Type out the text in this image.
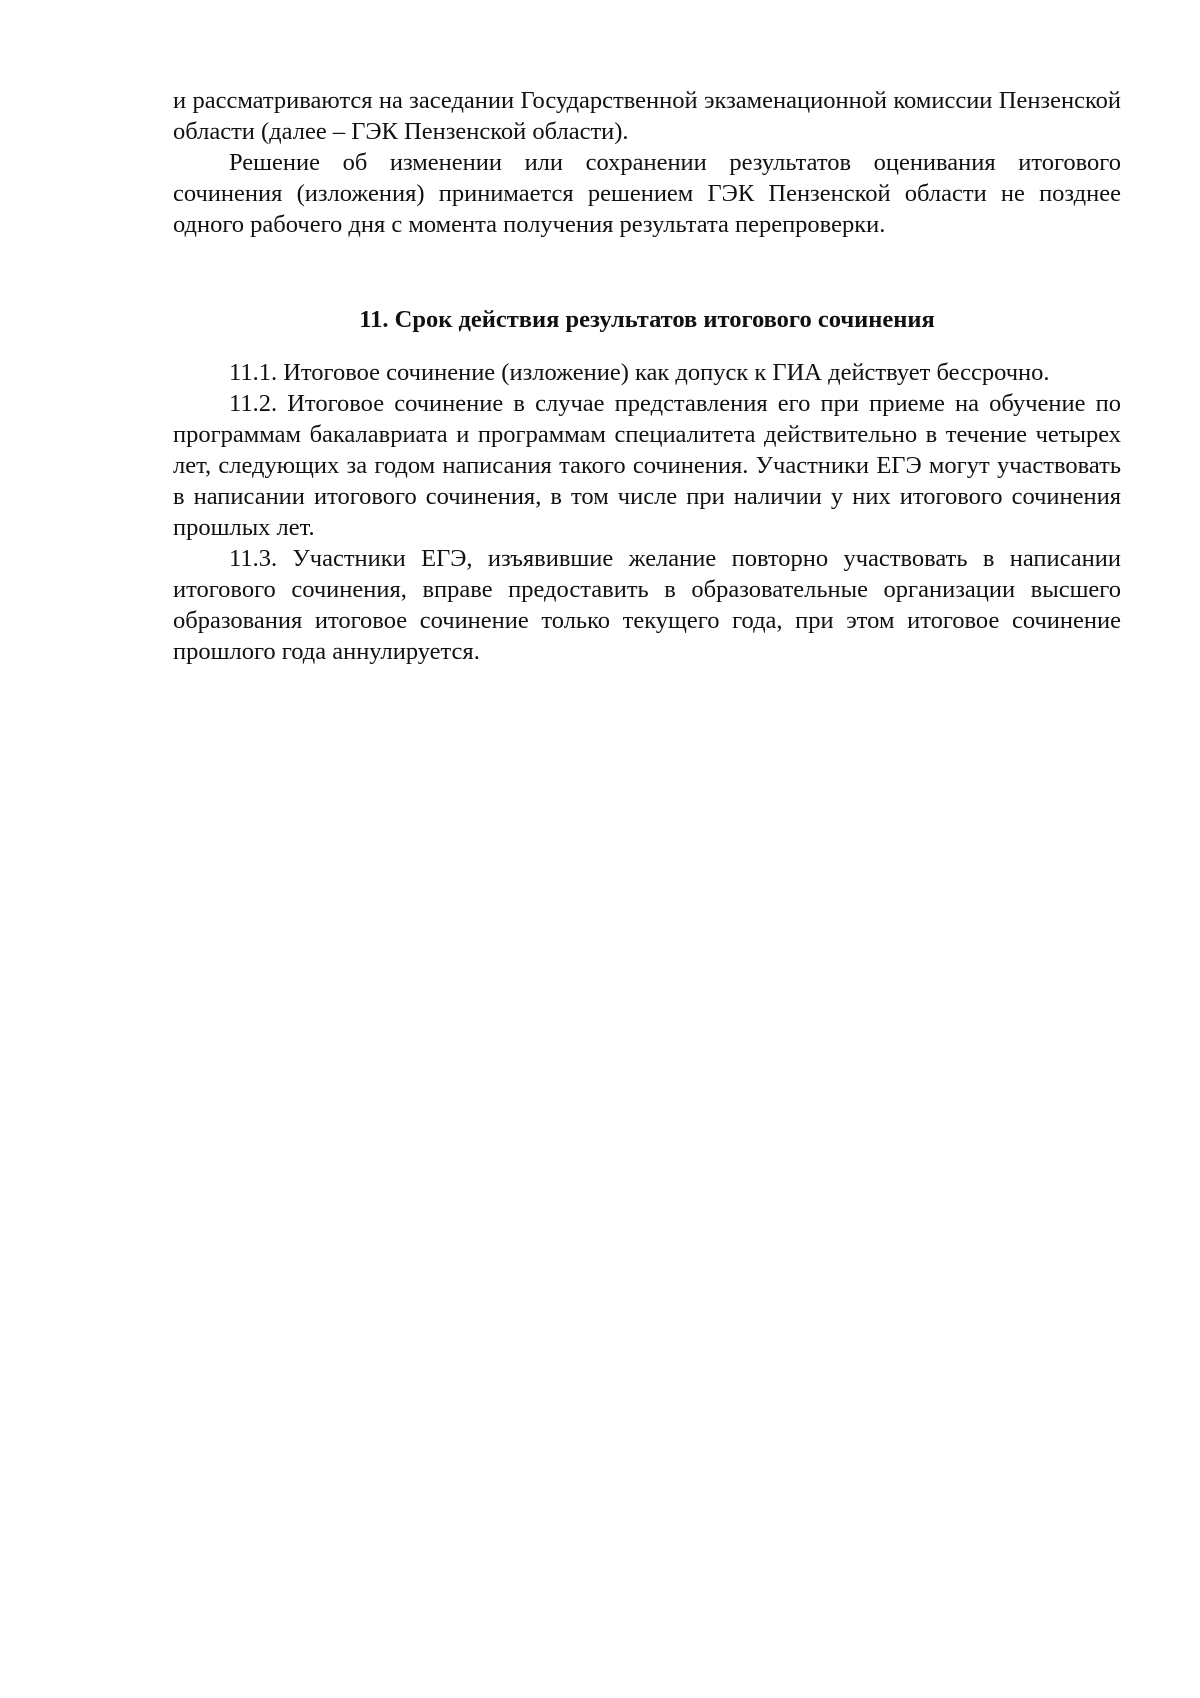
и рассматриваются на заседании Государственной экзаменационной комиссии Пензенской области (далее – ГЭК Пензенской области).

Решение об изменении или сохранении результатов оценивания итогового сочинения (изложения) принимается решением ГЭК Пензенской области не позднее одного рабочего дня с момента получения результата перепроверки.

11. Срок действия результатов итогового сочинения

11.1. Итоговое сочинение (изложение) как допуск к ГИА действует бессрочно.

11.2. Итоговое сочинение в случае представления его при приеме на обучение по программам бакалавриата и программам специалитета действительно в течение четырех лет, следующих за годом написания такого сочинения. Участники ЕГЭ могут участвовать в написании итогового сочинения, в том числе при наличии у них итогового сочинения прошлых лет.

11.3. Участники ЕГЭ, изъявившие желание повторно участвовать в написании итогового сочинения, вправе предоставить в образовательные организации высшего образования итоговое сочинение только текущего года, при этом итоговое сочинение прошлого года аннулируется.
